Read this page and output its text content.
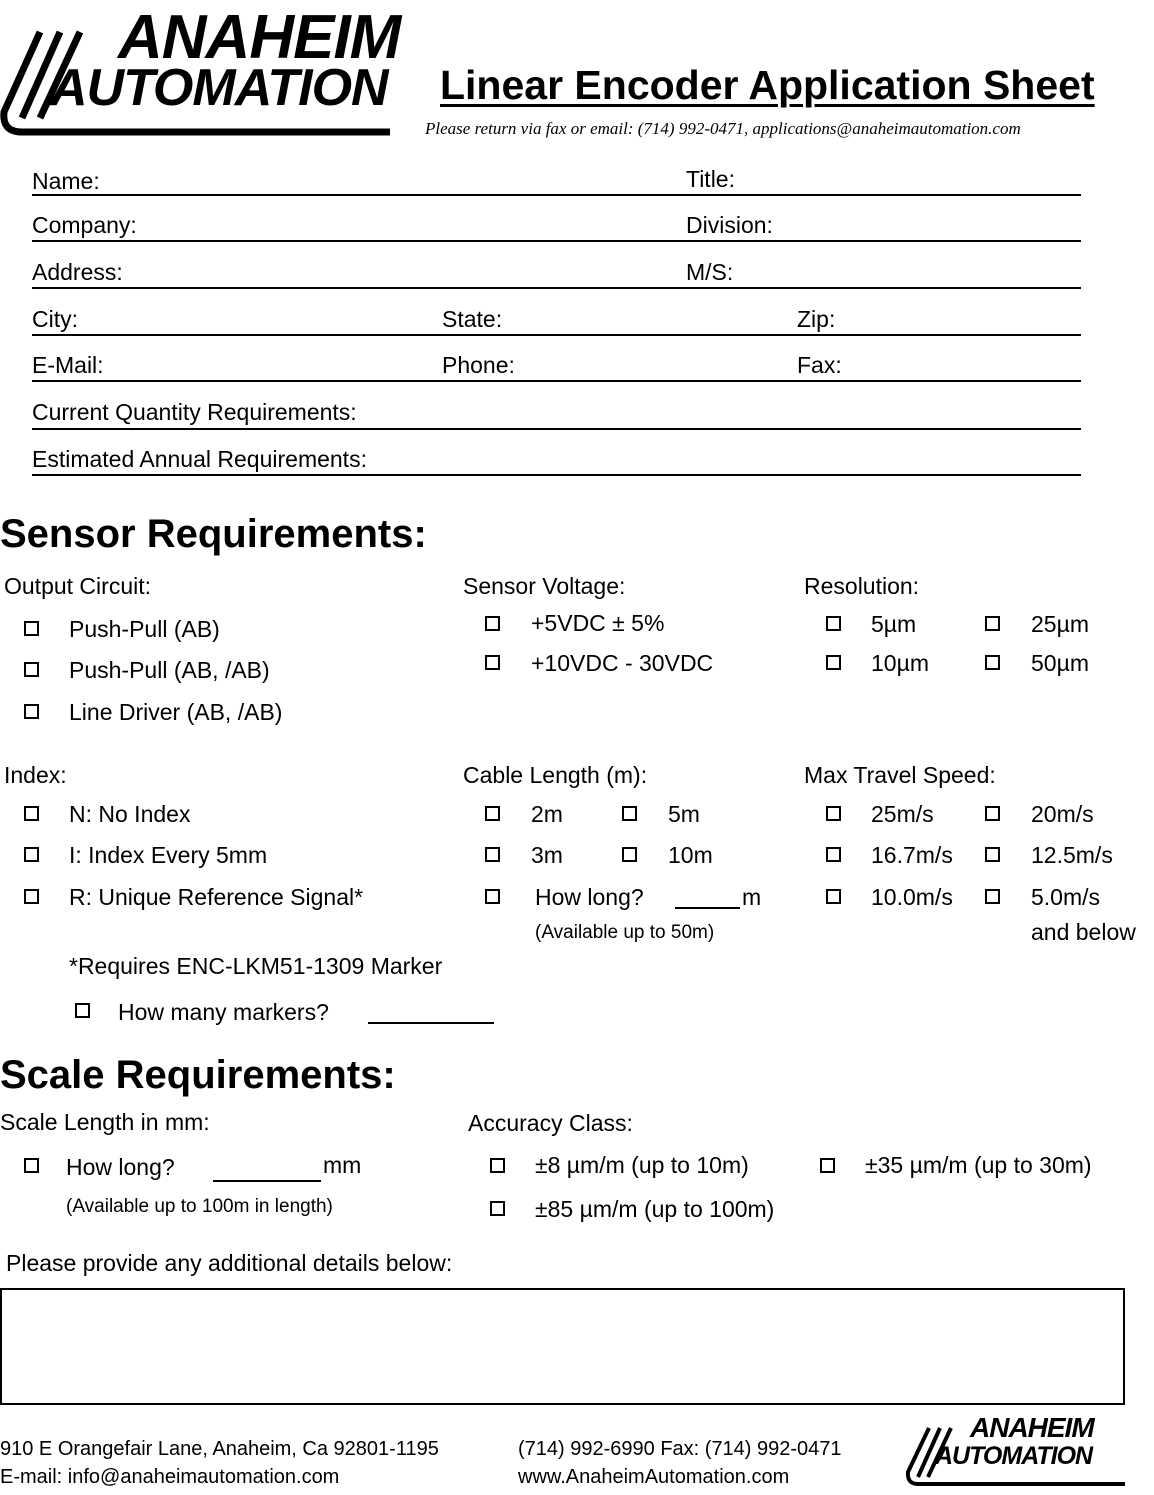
ANAHEIM
AUTOMATION Linear Encoder Application Sheet
Please return via fax or email: (714) 992-0471, applications@anaheimautomation.com
Name:	Title:
Company:	Division:
Address:	M/S:
City:	State:	Zip:
E-Mail:	Phone:	Fax:
Current Quantity Requirements:
Estimated Annual Requirements:
Sensor Requirements:
Output Circuit:
Push-Pull (AB)
Push-Pull (AB, /AB)
Line Driver (AB, /AB)
Sensor Voltage:
+5VDC ± 5%
+10VDC - 30VDC
Resolution:
5µm	25µm
10µm	50µm
Index:
N: No Index
I: Index Every 5mm
R: Unique Reference Signal*
*Requires ENC-LKM51-1309 Marker
How many markers?
Cable Length (m):
2m	5m
3m	10m
How long?	m
(Available up to 50m)
Max Travel Speed:
25m/s	20m/s
16.7m/s	12.5m/s
10.0m/s	5.0m/s
and below
Scale Requirements:
Scale Length in mm:
How long?	mm
(Available up to 100m in length)
Accuracy Class:
±8 µm/m (up to 10m)	±35 µm/m (up to 30m)
±85 µm/m (up to 100m)
Please provide any additional details below:
910 E Orangefair Lane, Anaheim, Ca 92801-1195
E-mail: info@anaheimautomation.com
(714) 992-6990 Fax: (714) 992-0471
www.AnaheimAutomation.com
ANAHEIM
AUTOMATION
